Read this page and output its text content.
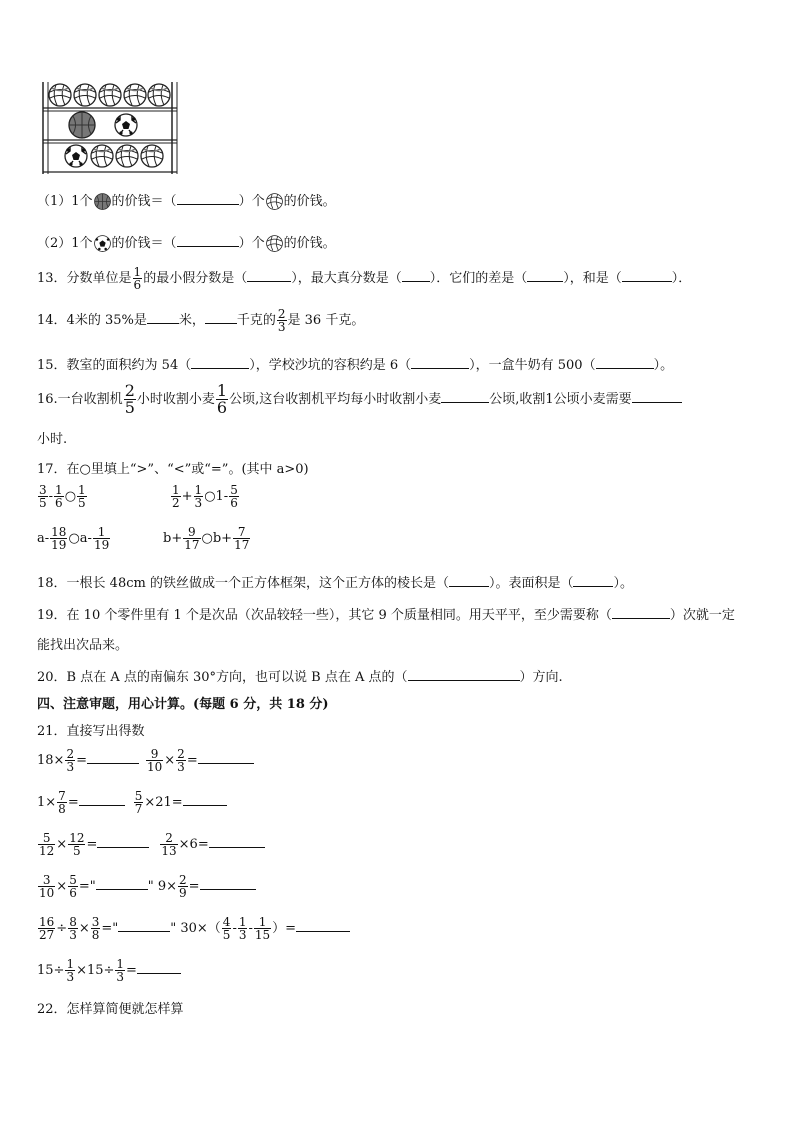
（1）1个 的价钱＝（	）个 的价钱。
（2）1个 的价钱＝（	）个 的价钱。
13．分数单位是 $\frac{1}{6}$ 的最小假分数是（	），最大真分数是（ ）．它们的差是（	），和是（	）．
14．4米的 35%是 米， 千克的 $\frac{2}{3}$ 是 36 千克。
15．教室的面积约为 54（	），学校沙坑的容积约是 6（	），一盒牛奶有 500（	）。
16.一台收割机 $\frac{2}{5}$ 小时收割小麦 $\frac{1}{6}$ 公顷,这台收割机平均每小时收割小麦	公顷,收割1公顷小麦需要
小时.
17．在○里填上“>”、“<”或“=”。(其中 a>0)
$\frac{3}{5} - \frac{1}{6}$ ○ $\frac{1}{5}$	$\frac{1}{2} + \frac{1}{3}$ ○1- $\frac{5}{6}$
$a- \frac{18}{19}$ ○a- $\frac{1}{19}$	$b+ \frac{9}{17}$ ○b+ $\frac{7}{17}$
18．一根长 48cm 的铁丝做成一个正方体框架，这个正方体的棱长是（	）。表面积是（	）。
19．在 10 个零件里有 1 个是次品（次品较轻一些），其它 9 个质量相同。用天平平，至少需要称（	）次就一定
能找出次品来。
20．B 点在 A 点的南偏东 30°方向，也可以说 B 点在 A 点的（	）方向.
四、注意审题，用心计算。(每题 6 分，共 18 分)
21．直接写出得数
$18\times \frac{2}{3}$ =	$\frac{9}{10} \times \frac{2}{3}$ =
$1\times \frac{7}{8}$ =	$\frac{5}{7} \times 21=$
$\frac{5}{12} \times \frac{12}{5}$ =	$\frac{2}{13} \times 6=$
$\frac{3}{10} \times \frac{5}{6}$ ="	" $9\times \frac{2}{9}$ =
$\frac{16}{27} \div \frac{8}{3} \times \frac{3}{8}$ ="	" $30\times( \frac{4}{5} - \frac{1}{3} - \frac{1}{15}$ ）=
$15\div \frac{1}{3} \times 15\div \frac{1}{3}$ =
22．怎样算简便就怎样算
